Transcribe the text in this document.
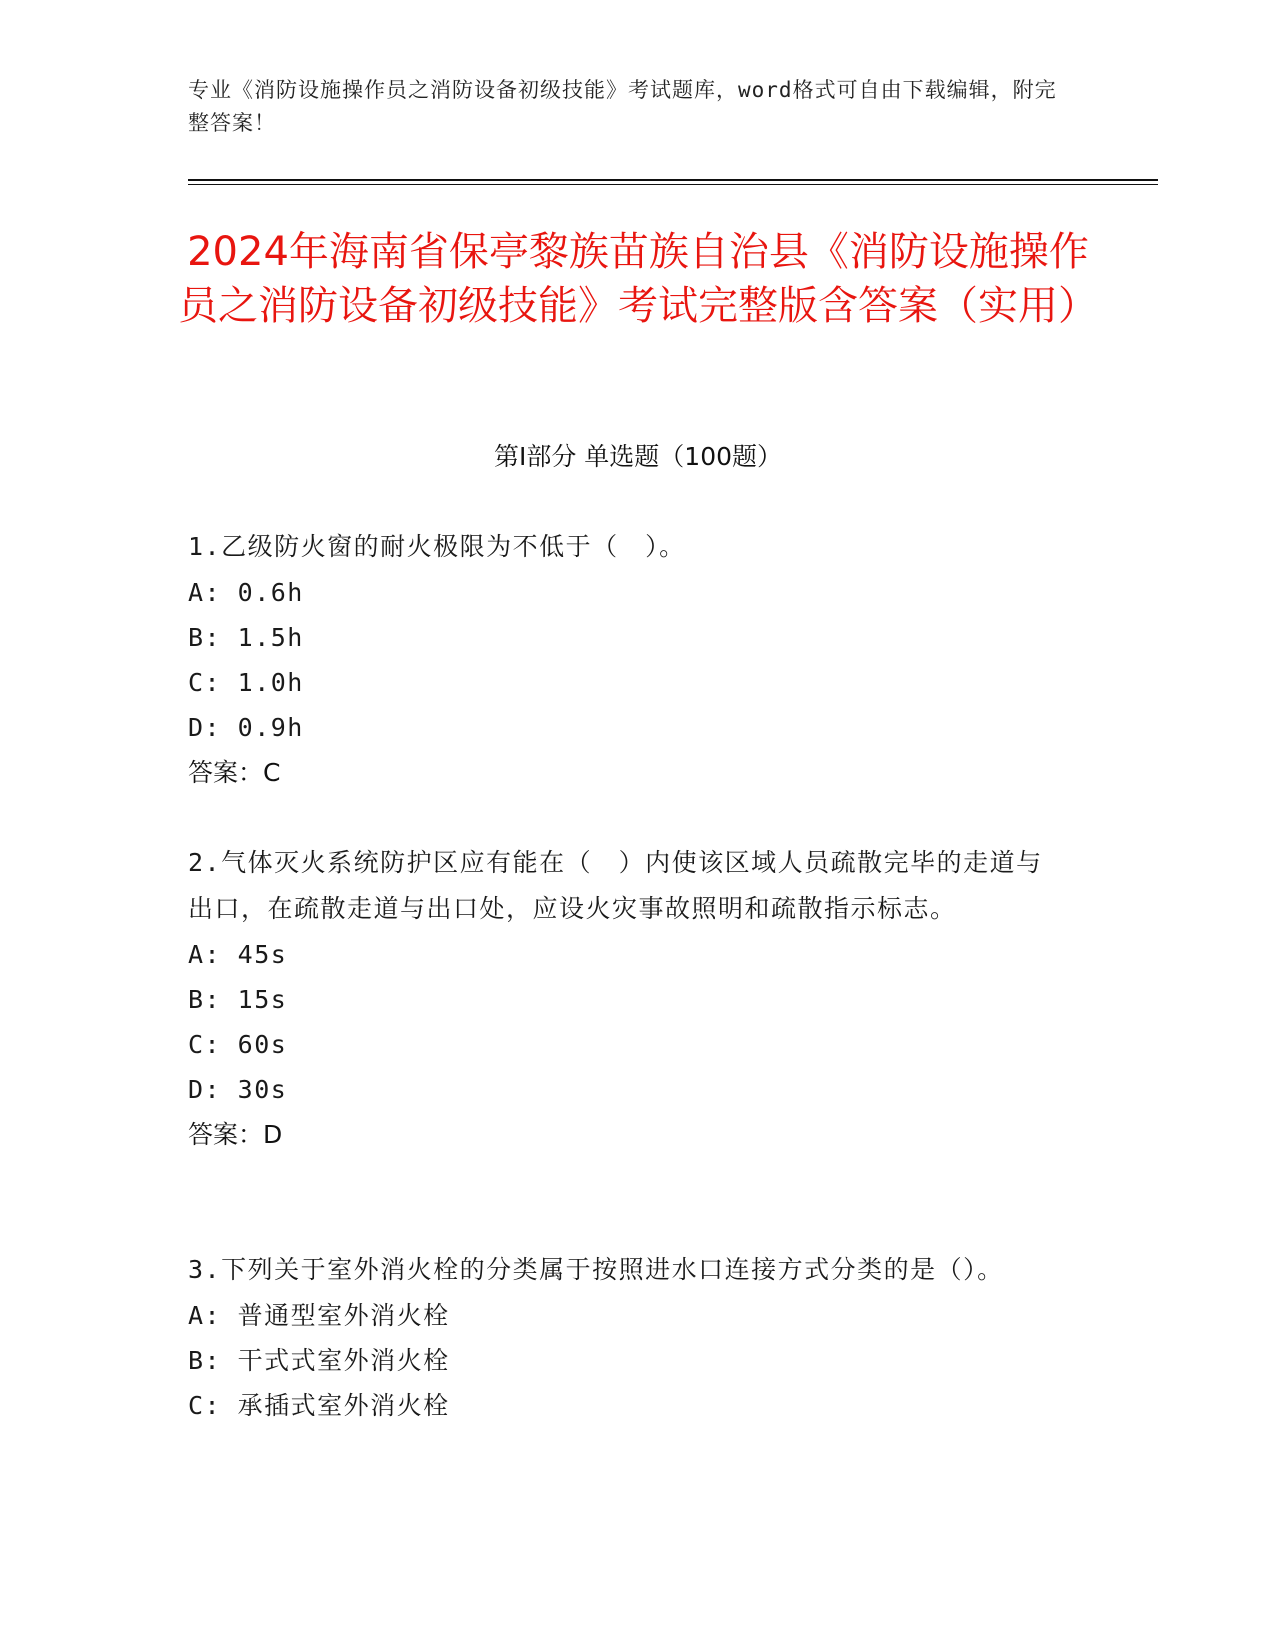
专业《消防设施操作员之消防设备初级技能》考试题库，word格式可自由下载编辑，附完整答案！
2024年海南省保亭黎族苗族自治县《消防设施操作员之消防设备初级技能》考试完整版含答案（实用）
第I部分 单选题（100题）

1.乙级防火窗的耐火极限为不低于（　）。

A: 0.6h

B: 1.5h

C: 1.0h

D: 0.9h

答案：C

2.气体灭火系统防护区应有能在（　）内使该区域人员疏散完毕的走道与出口，在疏散走道与出口处，应设火灾事故照明和疏散指示标志。

A: 45s

B: 15s

C: 60s

D: 30s

答案：D

3.下列关于室外消火栓的分类属于按照进水口连接方式分类的是（）。

A: 普通型室外消火栓

B: 干式式室外消火栓

C: 承插式室外消火栓
